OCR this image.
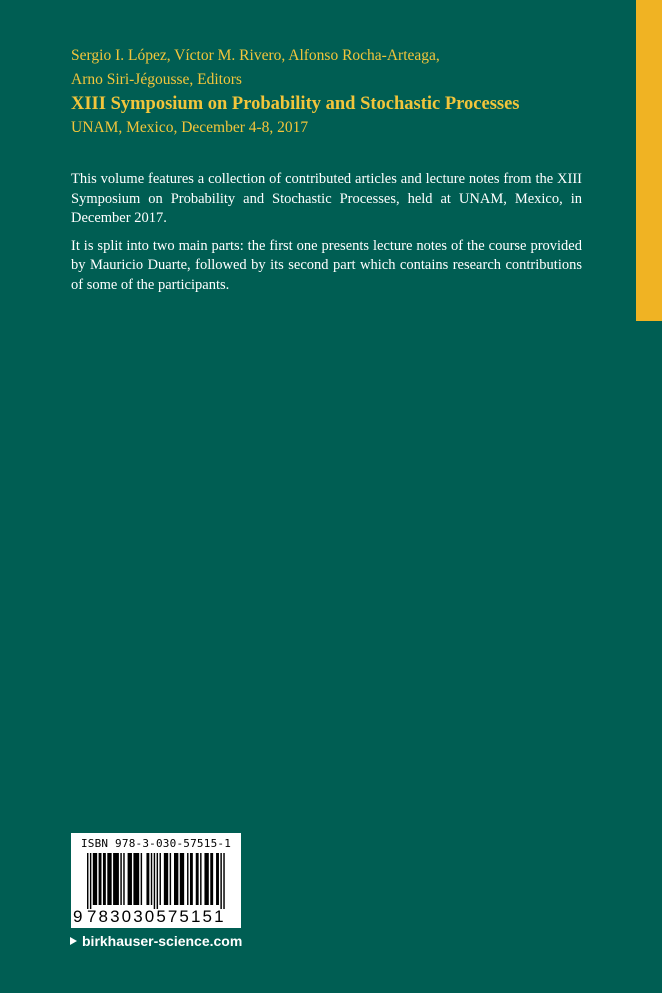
Sergio I. López, Víctor M. Rivero, Alfonso Rocha-Arteaga,
Arno Siri-Jégousse, Editors
XIII Symposium on Probability and Stochastic Processes
UNAM, Mexico, December 4-8, 2017

This volume features a collection of contributed articles and lecture notes from the XIII Symposium on Probability and Stochastic Processes, held at UNAM, Mexico, in December 2017.

It is split into two main parts: the first one presents lecture notes of the course provided by Mauricio Duarte, followed by its second part which contains research contributions of some of the participants.

ISBN 978-3-030-57515-1
9 783030575151
birkhauser-science.com
